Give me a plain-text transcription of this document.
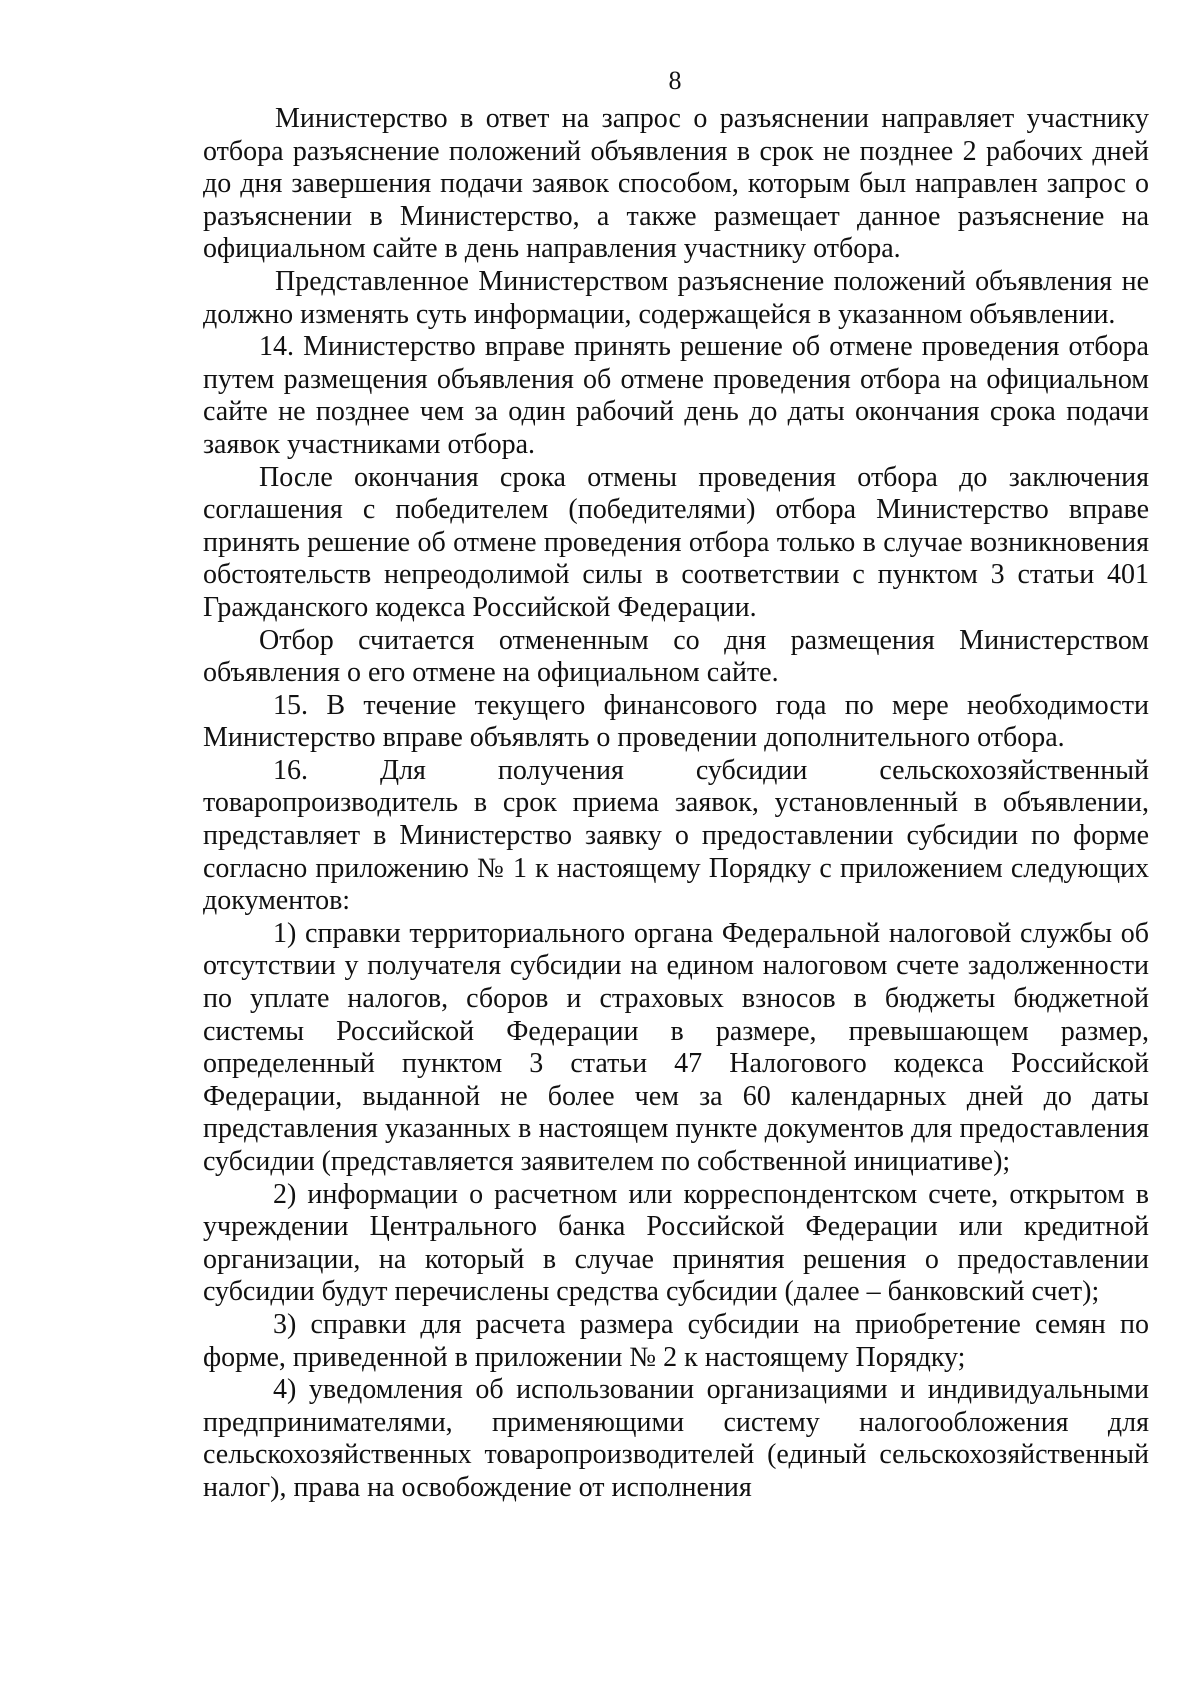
8

Министерство в ответ на запрос о разъяснении направляет участнику отбора разъяснение положений объявления в срок не позднее 2 рабочих дней до дня завершения подачи заявок способом, которым был направлен запрос о разъяснении в Министерство, а также размещает данное разъяснение на официальном сайте в день направления участнику отбора.

Представленное Министерством разъяснение положений объявления не должно изменять суть информации, содержащейся в указанном объявлении.

14. Министерство вправе принять решение об отмене проведения отбора путем размещения объявления об отмене проведения отбора на официальном сайте не позднее чем за один рабочий день до даты окончания срока подачи заявок участниками отбора.

После окончания срока отмены проведения отбора до заключения соглашения с победителем (победителями) отбора Министерство вправе принять решение об отмене проведения отбора только в случае возникновения обстоятельств непреодолимой силы в соответствии с пунктом 3 статьи 401 Гражданского кодекса Российской Федерации.

Отбор считается отмененным со дня размещения Министерством объявления о его отмене на официальном сайте.

15. В течение текущего финансового года по мере необходимости Министерство вправе объявлять о проведении дополнительного отбора.

16. Для получения субсидии сельскохозяйственный товаропроизводитель в срок приема заявок, установленный в объявлении, представляет в Министерство заявку о предоставлении субсидии по форме согласно приложению № 1 к настоящему Порядку с приложением следующих документов:

1) справки территориального органа Федеральной налоговой службы об отсутствии у получателя субсидии на едином налоговом счете задолженности по уплате налогов, сборов и страховых взносов в бюджеты бюджетной системы Российской Федерации в размере, превышающем размер, определенный пунктом 3 статьи 47 Налогового кодекса Российской Федерации, выданной не более чем за 60 календарных дней до даты представления указанных в настоящем пункте документов для предоставления субсидии (представляется заявителем по собственной инициативе);

2) информации о расчетном или корреспондентском счете, открытом в учреждении Центрального банка Российской Федерации или кредитной организации, на который в случае принятия решения о предоставлении субсидии будут перечислены средства субсидии (далее – банковский счет);

3) справки для расчета размера субсидии на приобретение семян по форме, приведенной в приложении № 2 к настоящему Порядку;

4) уведомления об использовании организациями и индивидуальными предпринимателями, применяющими систему налогообложения для сельскохозяйственных товаропроизводителей (единый сельскохозяйственный налог), права на освобождение от исполнения
